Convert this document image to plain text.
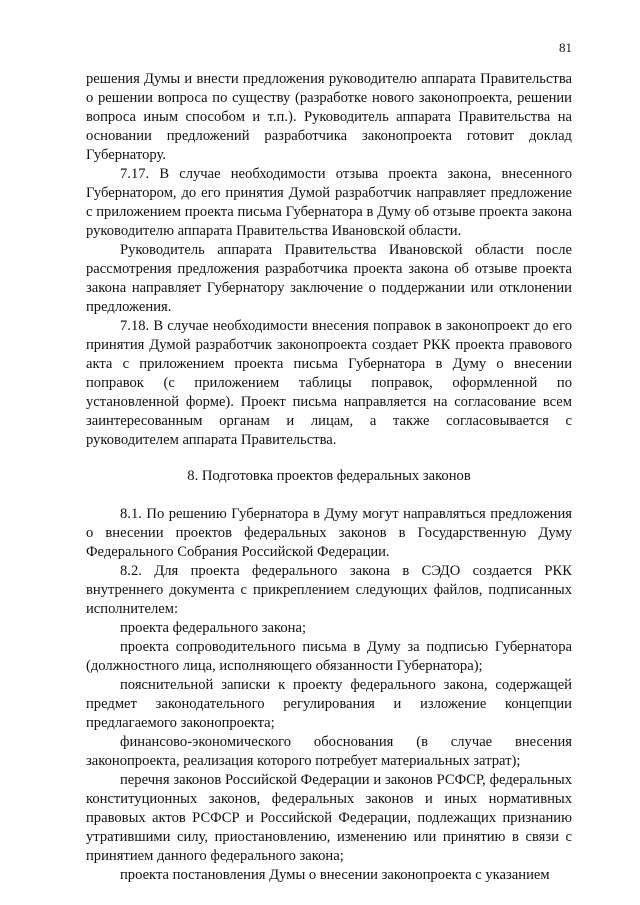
81

решения Думы и внести предложения руководителю аппарата Правительства о решении вопроса по существу (разработке нового законопроекта, решении вопроса иным способом и т.п.). Руководитель аппарата Правительства на основании предложений разработчика законопроекта готовит доклад Губернатору.

7.17. В случае необходимости отзыва проекта закона, внесенного Губернатором, до его принятия Думой разработчик направляет предложение с приложением проекта письма Губернатора в Думу об отзыве проекта закона руководителю аппарата Правительства Ивановской области.

Руководитель аппарата Правительства Ивановской области после рассмотрения предложения разработчика проекта закона об отзыве проекта закона направляет Губернатору заключение о поддержании или отклонении предложения.

7.18. В случае необходимости внесения поправок в законопроект до его принятия Думой разработчик законопроекта создает РКК проекта правового акта с приложением проекта письма Губернатора в Думу о внесении поправок (с приложением таблицы поправок, оформленной по установленной форме). Проект письма направляется на согласование всем заинтересованным органам и лицам, а также согласовывается с руководителем аппарата Правительства.

8. Подготовка проектов федеральных законов

8.1. По решению Губернатора в Думу могут направляться предложения о внесении проектов федеральных законов в Государственную Думу Федерального Собрания Российской Федерации.

8.2. Для проекта федерального закона в СЭДО создается РКК внутреннего документа с прикреплением следующих файлов, подписанных исполнителем:

проекта федерального закона;

проекта сопроводительного письма в Думу за подписью Губернатора (должностного лица, исполняющего обязанности Губернатора);

пояснительной записки к проекту федерального закона, содержащей предмет законодательного регулирования и изложение концепции предлагаемого законопроекта;

финансово-экономического обоснования (в случае внесения законопроекта, реализация которого потребует материальных затрат);

перечня законов Российской Федерации и законов РСФСР, федеральных конституционных законов, федеральных законов и иных нормативных правовых актов РСФСР и Российской Федерации, подлежащих признанию утратившими силу, приостановлению, изменению или принятию в связи с принятием данного федерального закона;

проекта постановления Думы о внесении законопроекта с указанием
